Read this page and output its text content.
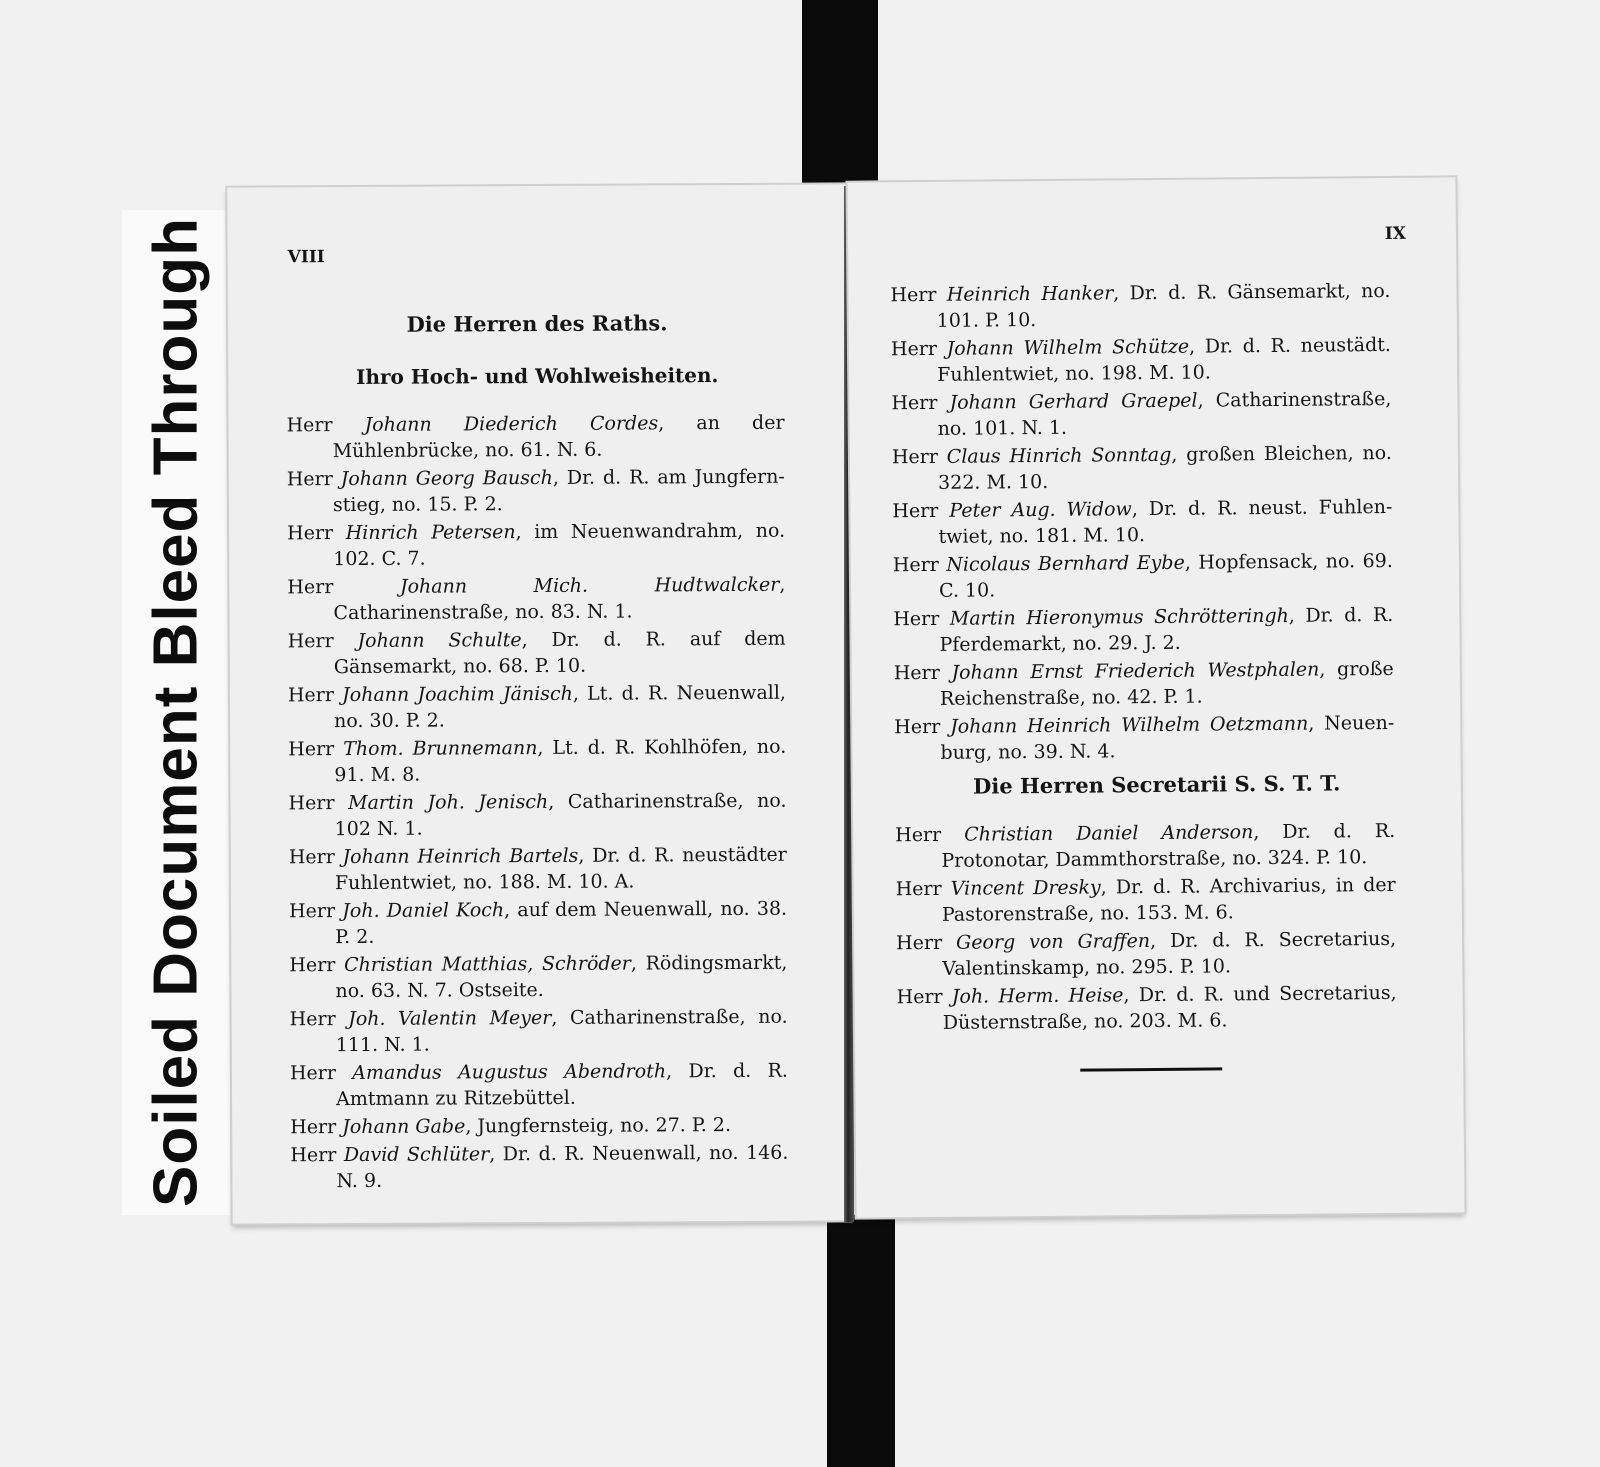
Soiled Document Bleed Through	VIII
Die Herren des Raths.
Ihro Hoch- und Wohlweisheiten.
Herr Johann Diederich Cordes, an der Mühlenbrücke, no. 61. N. 6.
Herr Johann Georg Bausch, Dr. d. R. am Jungfern-stieg, no. 15. P. 2.
Herr Hinrich Petersen, im Neuenwandrahm, no. 102. C. 7.
Herr	Johann Mich. Hudtwalcker, Catharinenstraße, no. 83. N. 1.
Herr Johann Schulte, Dr. d. R. auf dem Gänsemarkt, no. 68. P. 10.
Herr Johann Joachim Jänisch, Lt. d. R. Neuenwall, no. 30. P. 2.
Herr Thom. Brunnemann, Lt. d. R. Kohlhöfen, no. 91. M. 8.
Herr Martin Joh. Jenisch, Catharinenstraße, no. 102 N. 1.
Herr Johann Heinrich Bartels, Dr. d. R. neustädter Fuhlentwiet, no. 188. M. 10. A.
Herr Joh. Daniel Koch, auf dem Neuenwall, no. 38. P. 2.
Herr Christian Matthias, Schröder, Rödingsmarkt, no. 63. N. 7. Ostseite.
Herr Joh. Valentin Meyer, Catharinenstraße, no. 111. N. 1.
Herr Amandus Augustus Abendroth, Dr. d. R. Amtmann zu Ritzebüttel.
Herr Johann Gabe, Jungfernsteig, no. 27. P. 2.
Herr David Schlüter, Dr. d. R. Neuenwall, no. 146. N. 9.
IX
Herr Heinrich Hanker, Dr. d. R. Gänsemarkt, no. 101. P. 10.
Herr Johann Wilhelm Schütze, Dr. d. R. neustädt. Fuhlentwiet, no. 198. M. 10.
Herr Johann Gerhard Graepel, Catharinenstraße, no. 101. N. 1.
Herr Claus Hinrich Sonntag, großen Bleichen, no. 322. M. 10.
Herr Peter Aug. Widow, Dr. d. R. neust. Fuhlen-twiet, no. 181. M. 10.
Herr Nicolaus Bernhard Eybe, Hopfensack, no. 69. C. 10.
Herr Martin Hieronymus Schrötteringh, Dr. d. R. Pferdemarkt, no. 29. J. 2.
Herr Johann Ernst Friederich Westphalen, große Reichenstraße, no. 42. P. 1.
Herr Johann Heinrich Wilhelm Oetzmann, Neuen-burg, no. 39. N. 4.
Die Herren Secretarii S. S. T. T.
Herr Christian Daniel Anderson, Dr. d. R. Protonotar, Dammthorstraße, no. 324. P. 10.
Herr Vincent Dresky, Dr. d. R. Archivarius, in der Pastorenstraße, no. 153. M. 6.
Herr Georg von Graffen, Dr. d. R. Secretarius, Valentinskamp, no. 295. P. 10.
Herr Joh. Herm. Heise, Dr. d. R. und Secretarius, Düsternstraße, no. 203. M. 6.
